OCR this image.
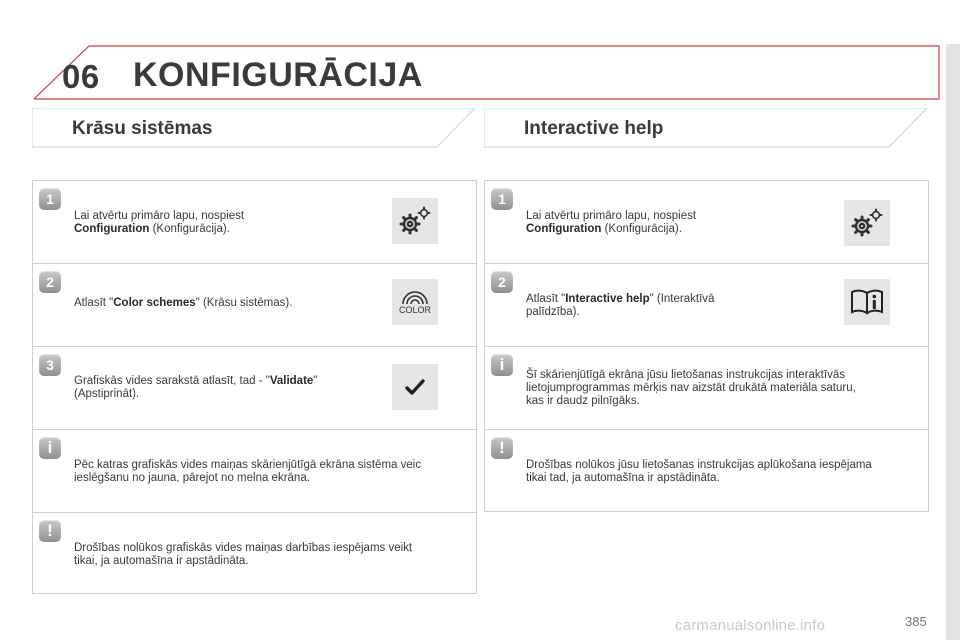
06 KONFIGURĀCIJA
Krāsu sistēmas	Interactive help
1
Lai atvērtu primāro lapu, nospiest
Configuration (Konfigurācija).
2
Atlasīt "Color schemes" (Krāsu sistēmas).
COLOR
3
Grafiskās vides sarakstā atlasīt, tad - "Validate"
(Apstiprināt).
i
Pēc katras grafiskās vides maiņas skārienjūtīgā ekrāna sistēma veic
ieslēgšanu no jauna, pārejot no melna ekrāna.
!
Drošības nolūkos grafiskās vides maiņas darbības iespējams veikt
tikai, ja automašīna ir apstādināta.
1
Lai atvērtu primāro lapu, nospiest
Configuration (Konfigurācija).
2
Atlasīt "Interactive help" (Interaktīvā
palīdzība).
i
Šī skārienjūtīgā ekrāna jūsu lietošanas instrukcijas interaktīvās
lietojumprogrammas mērķis nav aizstāt drukātā materiāla saturu,
kas ir daudz pilnīgāks.
!
Drošības nolūkos jūsu lietošanas instrukcijas aplūkošana iespējama
tikai tad, ja automašīna ir apstādināta.
carmanualsonline.info	385
